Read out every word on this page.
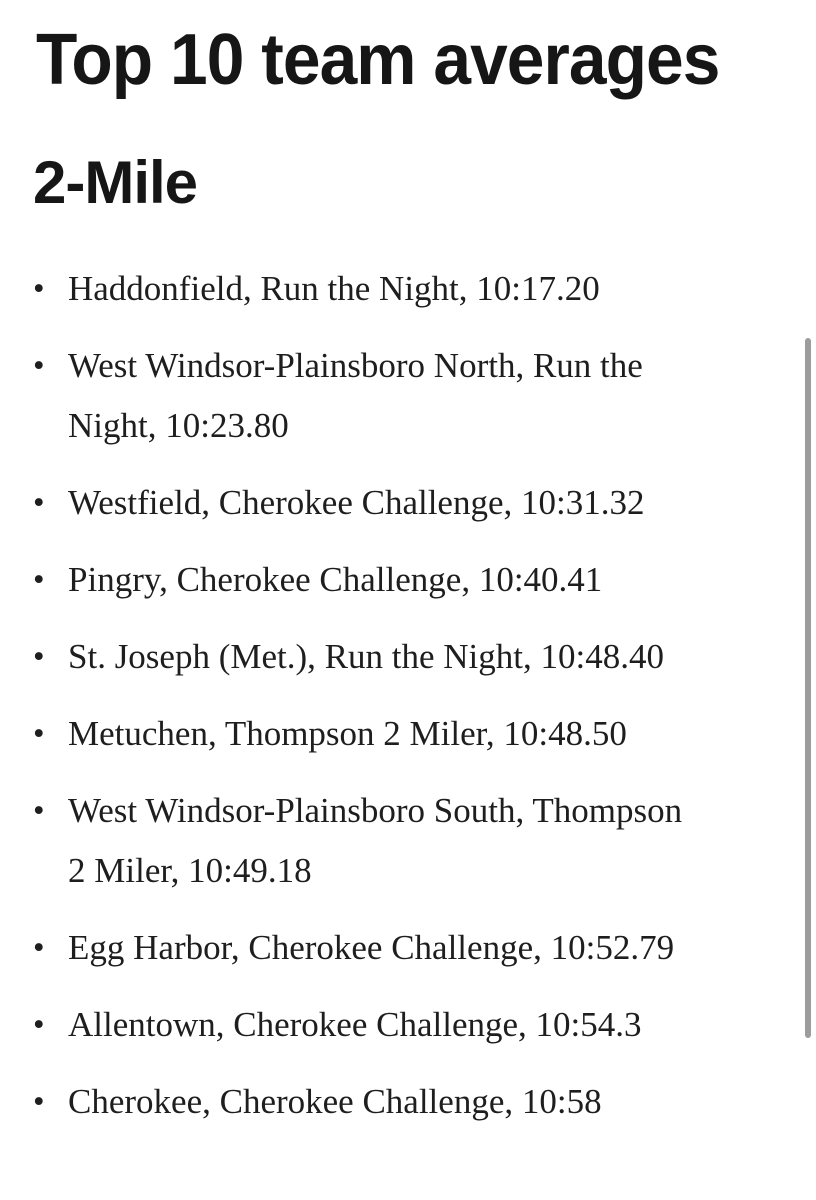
Top 10 team averages
2-Mile
• Haddonfield, Run the Night, 10:17.20
• West Windsor-Plainsboro North, Run the Night, 10:23.80
• Westfield, Cherokee Challenge, 10:31.32
• Pingry, Cherokee Challenge, 10:40.41
• St. Joseph (Met.), Run the Night, 10:48.40
• Metuchen, Thompson 2 Miler, 10:48.50
• West Windsor-Plainsboro South, Thompson 2 Miler, 10:49.18
• Egg Harbor, Cherokee Challenge, 10:52.79
• Allentown, Cherokee Challenge, 10:54.3
• Cherokee, Cherokee Challenge, 10:58
